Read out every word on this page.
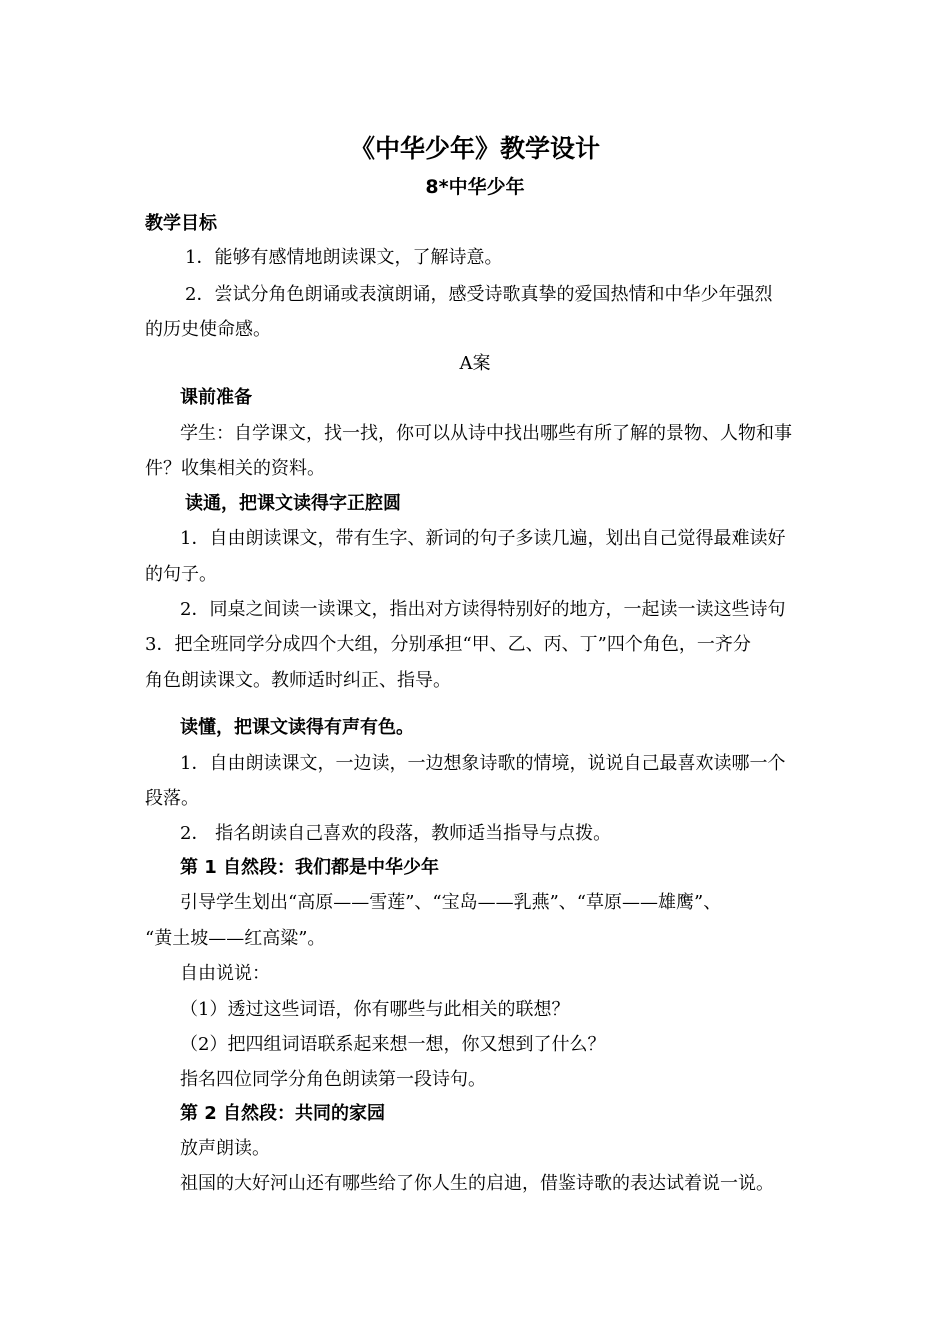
《中华少年》教学设计
8*中华少年
教学目标
1．能够有感情地朗读课文，了解诗意。
2．尝试分角色朗诵或表演朗诵，感受诗歌真挚的爱国热情和中华少年强烈
的历史使命感。
A案
课前准备
学生：自学课文，找一找，你可以从诗中找出哪些有所了解的景物、人物和事
件？收集相关的资料。
读通，把课文读得字正腔圆
1．自由朗读课文，带有生字、新词的句子多读几遍，划出自己觉得最难读好
的句子。
2．同桌之间读一读课文，指出对方读得特别好的地方，一起读一读这些诗句
3．把全班同学分成四个大组，分别承担“甲、乙、丙、丁”四个角色，一齐分
角色朗读课文。教师适时纠正、指导。
读懂，把课文读得有声有色。
1．自由朗读课文，一边读，一边想象诗歌的情境，说说自己最喜欢读哪一个
段落。
2． 指名朗读自己喜欢的段落，教师适当指导与点拨。
第 1 自然段：我们都是中华少年
引导学生划出“高原——雪莲”、“宝岛——乳燕”、“草原——雄鹰”、
“黄土坡——红高粱”。
自由说说：
（1）透过这些词语，你有哪些与此相关的联想？
（2）把四组词语联系起来想一想，你又想到了什么？
指名四位同学分角色朗读第一段诗句。
第 2 自然段：共同的家园
放声朗读。
祖国的大好河山还有哪些给了你人生的启迪，借鉴诗歌的表达试着说一说。
